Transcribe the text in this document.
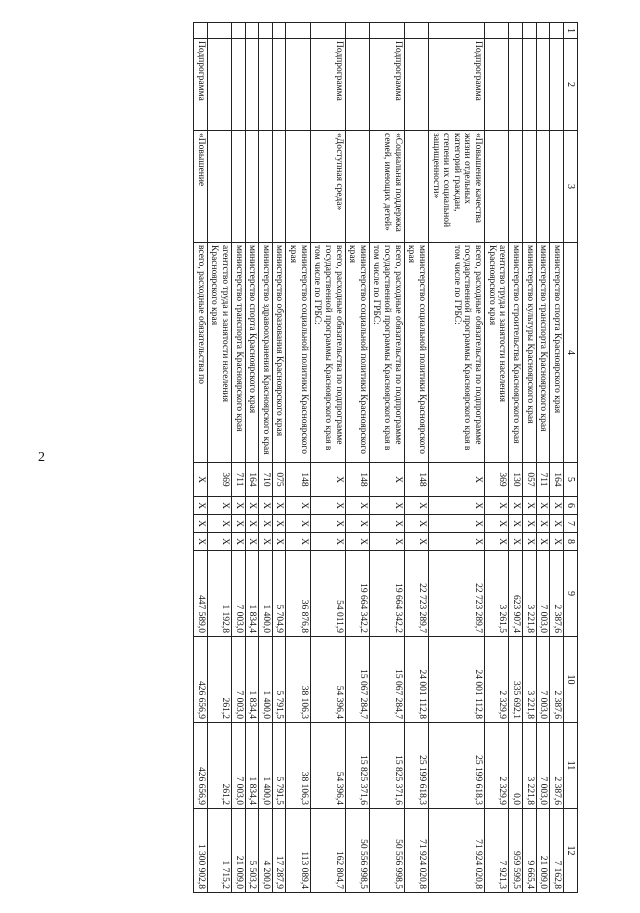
2
1	2	3	4	5	6	7	8	9	10	11	12
			министерство спорта Красноярского края	164	X	X	X	2 387,6	2 387,6	2 387,6	7 162,8
			министерство транспорта Красноярского края	711	X	X	X	7 003,0	7 003,0	7 003,0	21 009,0
			министерство культуры Красноярского края	057	X	X	X	3 221,8	3 221,8	3 221,8	9 665,4
			министерство строительства Красноярского края	130	X	X	X	623 907,4	335 692,1	0,0	959 599,5
			агентство труда и занятости населения Красноярского края	369	X	X	X	3 261,5	2 329,9	2 329,9	7 921,3
	Подпрограмма	«Повышение качества жизни отдельных категорий граждан, степени их социальной защищенности»	всего, расходные обязательства по подпрограмме государственной программы Красноярского края в том числе по ГРБС:	X	X	X	X	22 723 289,7	24 001 112,8	25 199 618,3	71 924 020,8
			министерство социальной политики Красноярского края	148	X	X	X	22 723 289,7	24 001 112,8	25 199 618,3	71 924 020,8
	Подпрограмма	«Социальная поддержка семей, имеющих детей»	всего, расходные обязательства по подпрограмме государственной программы Красноярского края в том числе по ГРБС:	X	X	X	X	19 664 342,2	15 067 284,7	15 825 371,6	50 556 998,5
			министерство социальной политики Красноярского края	148	X	X	X	19 664 342,2	15 067 284,7	15 825 371,6	50 556 998,5
	Подпрограмма	«Доступная среда»	всего, расходные обязательства по подпрограмме государственной программы Красноярского края в том числе по ГРБС:	X	X	X	X	54 011,9	54 396,4	54 396,4	162 804,7
			министерство социальной политики Красноярского края	148	X	X	X	36 876,8	38 106,3	38 106,3	113 089,4
			министерство образования Красноярского края	075	X	X	X	5 704,9	5 791,5	5 791,5	17 287,9
			министерство здравоохранения Красноярского края	710	X	X	X	1 400,0	1 400,0	1 400,0	4 200,0
			министерство спорта Красноярского края	164	X	X	X	1 834,4	1 834,4	1 834,4	5 503,2
			министерство транспорта Красноярского края	711	X	X	X	7 003,0	7 003,0	7 003,0	21 009,0
			агентство труда и занятости населения Красноярского края	369	X	X	X	1 192,8	261,2	261,2	1 715,2
	Подпрограмма	«Повышение	всего, расходные обязательства по	X	X	X	X	447 589,0	426 656,9	426 656,9	1 300 902,8
